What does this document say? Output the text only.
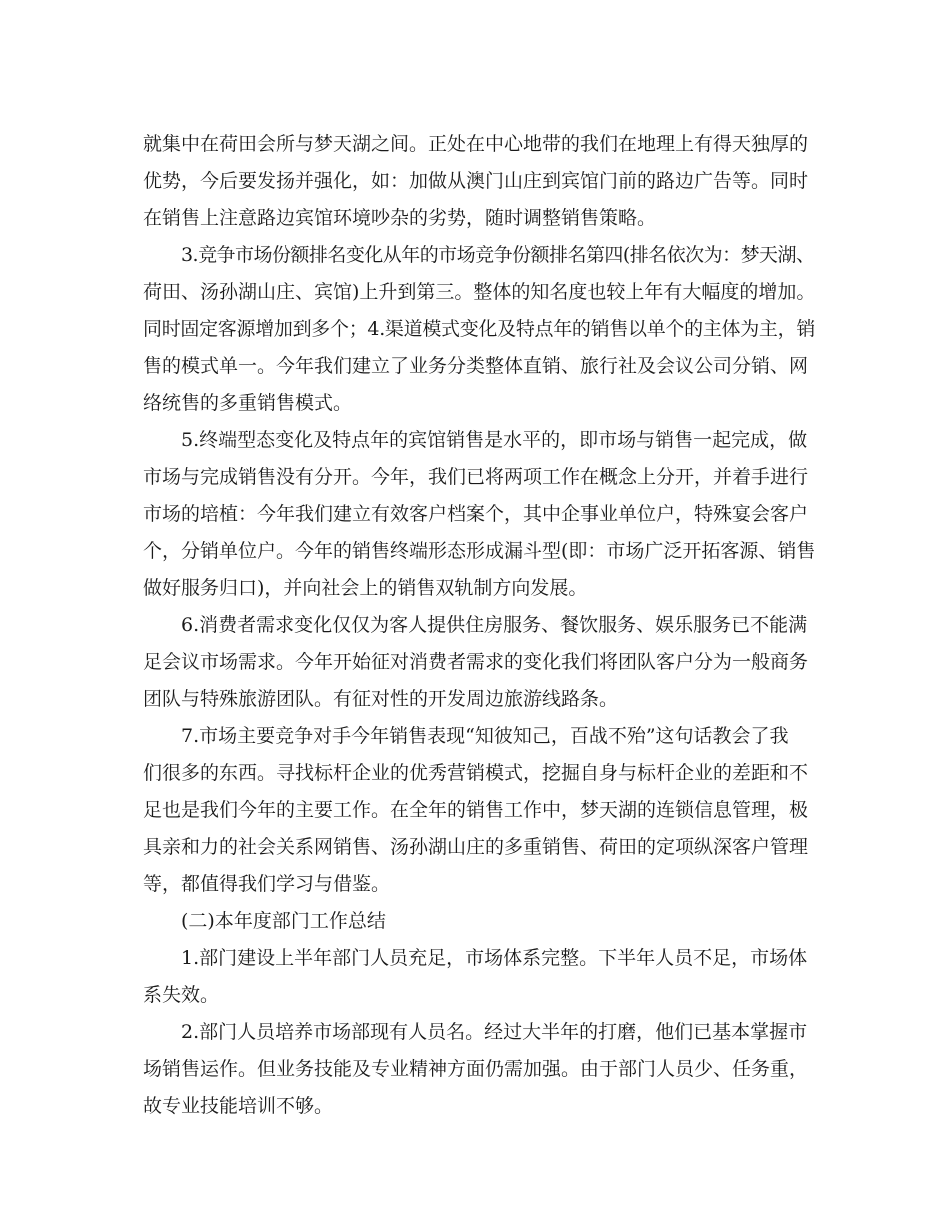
就集中在荷田会所与梦天湖之间。正处在中心地带的我们在地理上有得天独厚的
优势，今后要发扬并强化，如：加做从澳门山庄到宾馆门前的路边广告等。同时
在销售上注意路边宾馆环境吵杂的劣势，随时调整销售策略。
3.竞争市场份额排名变化从年的市场竞争份额排名第四(排名依次为：梦天湖、
荷田、汤孙湖山庄、宾馆)上升到第三。整体的知名度也较上年有大幅度的增加。
同时固定客源增加到多个；4.渠道模式变化及特点年的销售以单个的主体为主，销
售的模式单一。今年我们建立了业务分类整体直销、旅行社及会议公司分销、网
络统售的多重销售模式。
5.终端型态变化及特点年的宾馆销售是水平的，即市场与销售一起完成，做
市场与完成销售没有分开。今年，我们已将两项工作在概念上分开，并着手进行
市场的培植：今年我们建立有效客户档案个，其中企事业单位户，特殊宴会客户
个，分销单位户。今年的销售终端形态形成漏斗型(即：市场广泛开拓客源、销售
做好服务归口)，并向社会上的销售双轨制方向发展。
6.消费者需求变化仅仅为客人提供住房服务、餐饮服务、娱乐服务已不能满
足会议市场需求。今年开始征对消费者需求的变化我们将团队客户分为一般商务
团队与特殊旅游团队。有征对性的开发周边旅游线路条。
7.市场主要竞争对手今年销售表现“知彼知己，百战不殆”这句话教会了我
们很多的东西。寻找标杆企业的优秀营销模式，挖掘自身与标杆企业的差距和不
足也是我们今年的主要工作。在全年的销售工作中，梦天湖的连锁信息管理，极
具亲和力的社会关系网销售、汤孙湖山庄的多重销售、荷田的定项纵深客户管理
等，都值得我们学习与借鉴。
(二)本年度部门工作总结
1.部门建设上半年部门人员充足，市场体系完整。下半年人员不足，市场体
系失效。
2.部门人员培养市场部现有人员名。经过大半年的打磨，他们已基本掌握市
场销售运作。但业务技能及专业精神方面仍需加强。由于部门人员少、任务重，
故专业技能培训不够。
